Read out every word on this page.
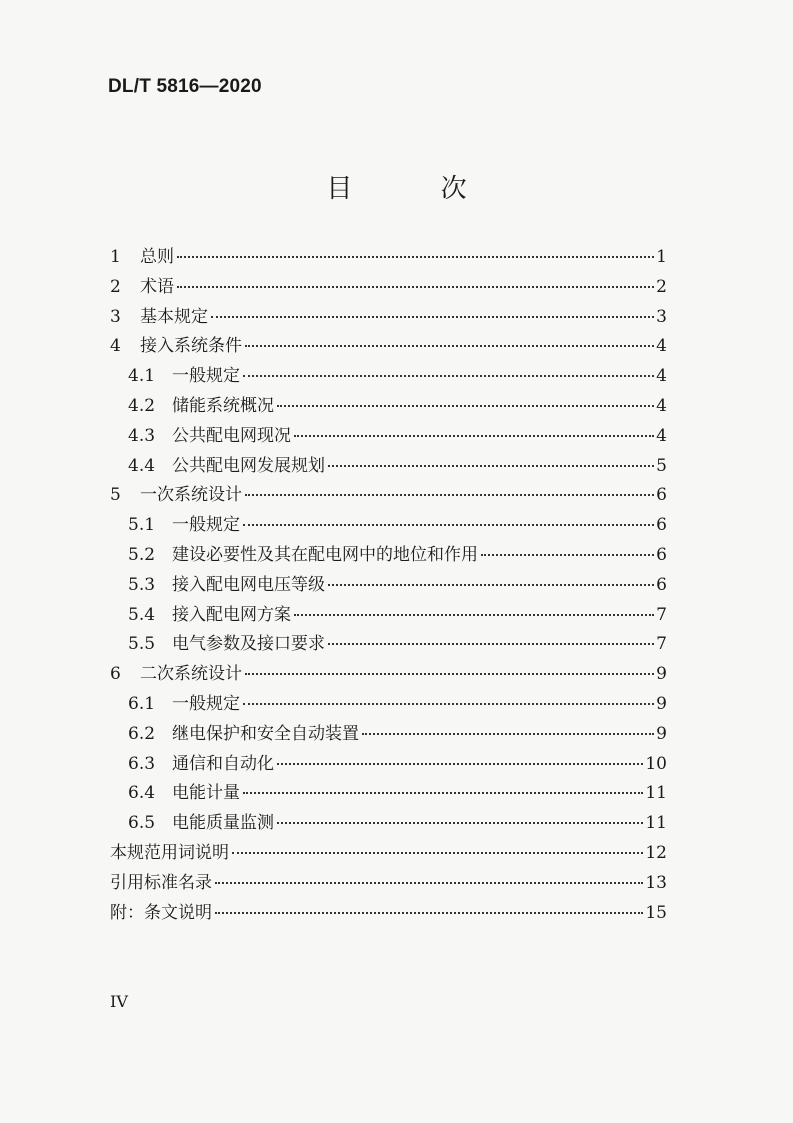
DL/T 5816—2020
目 次
1	总则	1
2	术语	2
3	基本规定	3
4	接入系统条件	4
4.1 一般规定	4
4.2 储能系统概况	4
4.3 公共配电网现况	4
4.4 公共配电网发展规划	5
5	一次系统设计	6
5.1 一般规定	6
5.2 建设必要性及其在配电网中的地位和作用	6
5.3 接入配电网电压等级	6
5.4 接入配电网方案	7
5.5 电气参数及接口要求	7
6	二次系统设计	9
6.1 一般规定	9
6.2 继电保护和安全自动装置	9
6.3 通信和自动化	10
6.4 电能计量	11
6.5 电能质量监测	11
本规范用词说明	12
引用标准名录	13
附：条文说明	15
IV
